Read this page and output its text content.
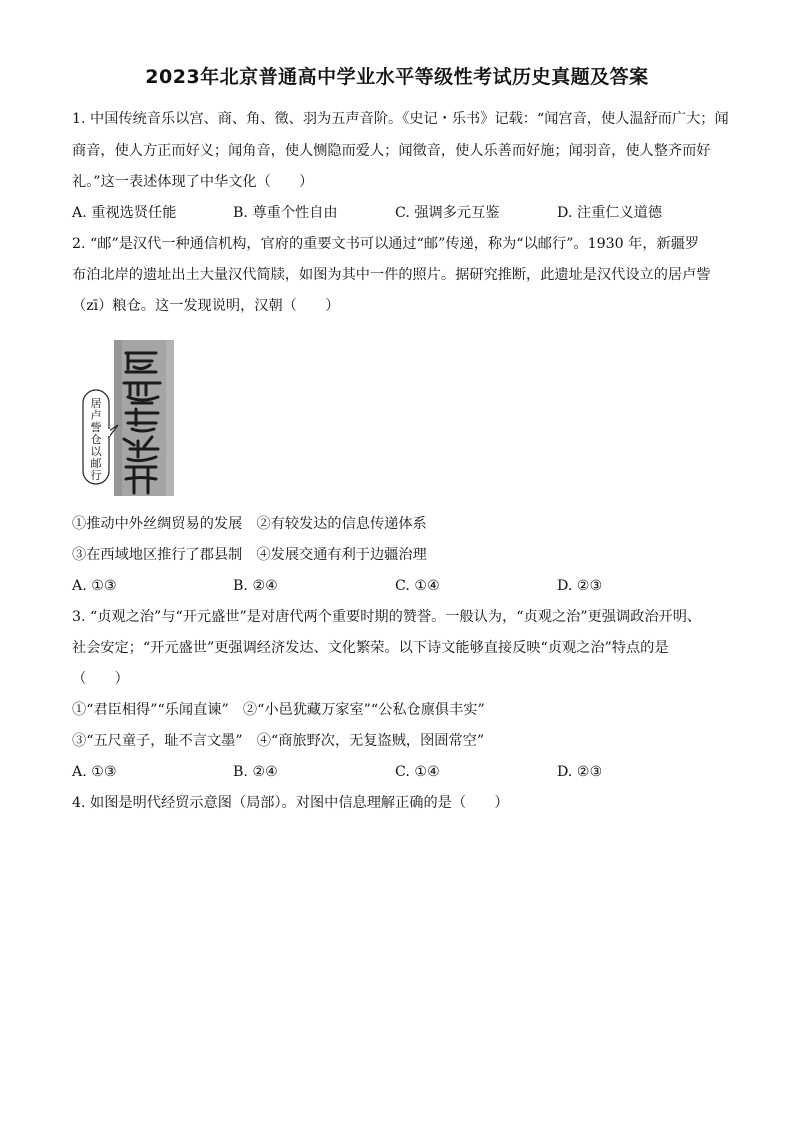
2023年北京普通高中学业水平等级性考试历史真题及答案
1. 中国传统音乐以宫、商、角、徵、羽为五声音阶。《史记・乐书》记载：“闻宫音，使人温舒而广大；闻
商音，使人方正而好义；闻角音，使人恻隐而爱人；闻徵音，使人乐善而好施；闻羽音，使人整齐而好
礼。”这一表述体现了中华文化（　　）
A. 重视选贤任能	B. 尊重个性自由	C. 强调多元互鉴	D. 注重仁义道德
2. “邮”是汉代一种通信机构，官府的重要文书可以通过“邮”传递，称为“以邮行”。1930 年，新疆罗
布泊北岸的遗址出土大量汉代简牍，如图为其中一件的照片。据研究推断，此遗址是汉代设立的居卢訾
（zī）粮仓。这一发现说明，汉朝（　　）
居
卢
訾
仓
以
邮
行
①推动中外丝绸贸易的发展　②有较发达的信息传递体系
③在西域地区推行了郡县制　④发展交通有利于边疆治理
A. ①③	B. ②④	C. ①④	D. ②③
3. “贞观之治”与“开元盛世”是对唐代两个重要时期的赞誉。一般认为，“贞观之治”更强调政治开明、
社会安定；“开元盛世”更强调经济发达、文化繁荣。以下诗文能够直接反映“贞观之治”特点的是
（　　）
①“君臣相得”“乐闻直谏”　②“小邑犹藏万家室”“公私仓廪俱丰实”
③“五尺童子，耻不言文墨”　④“商旅野次，无复盗贼，囹圄常空”
A. ①③	B. ②④	C. ①④	D. ②③
4. 如图是明代经贸示意图（局部）。对图中信息理解正确的是（　　）
